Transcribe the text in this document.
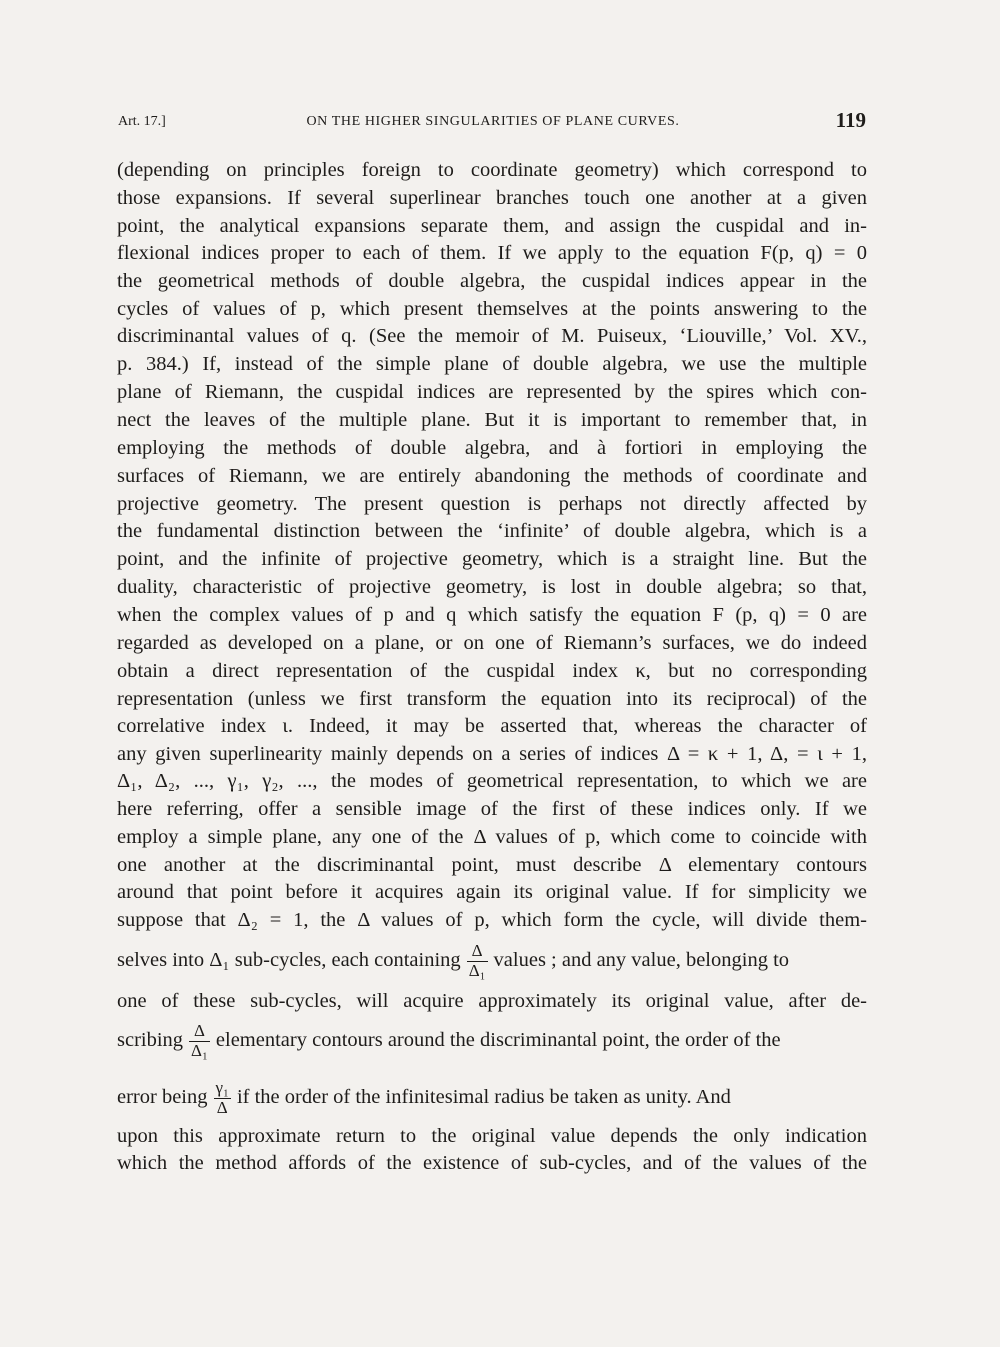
Art. 17.]	ON THE HIGHER SINGULARITIES OF PLANE CURVES.	119
(depending on principles foreign to coordinate geometry) which correspond to
those expansions. If several superlinear branches touch one another at a given
point, the analytical expansions separate them, and assign the cuspidal and in-
flexional indices proper to each of them. If we apply to the equation F(p, q) = 0
the geometrical methods of double algebra, the cuspidal indices appear in the
cycles of values of p, which present themselves at the points answering to the
discriminantal values of q. (See the memoir of M. Puiseux, ‘Liouville,’ Vol. XV.,
p. 384.) If, instead of the simple plane of double algebra, we use the multiple
plane of Riemann, the cuspidal indices are represented by the spires which con-
nect the leaves of the multiple plane. But it is important to remember that, in
employing the methods of double algebra, and à fortiori in employing the
surfaces of Riemann, we are entirely abandoning the methods of coordinate and
projective geometry. The present question is perhaps not directly affected by
the fundamental distinction between the ‘infinite’ of double algebra, which is a
point, and the infinite of projective geometry, which is a straight line. But the
duality, characteristic of projective geometry, is lost in double algebra; so that,
when the complex values of p and q which satisfy the equation F (p, q) = 0 are
regarded as developed on a plane, or on one of Riemann’s surfaces, we do indeed
obtain a direct representation of the cuspidal index κ, but no corresponding
representation (unless we first transform the equation into its reciprocal) of the
correlative index ι. Indeed, it may be asserted that, whereas the character of
any given superlinearity mainly depends on a series of indices Δ = κ + 1, Δ, = ι + 1,
Δ₁, Δ₂, ..., γ₁, γ₂, ..., the modes of geometrical representation, to which we are
here referring, offer a sensible image of the first of these indices only. If we
employ a simple plane, any one of the Δ values of p, which come to coincide with
one another at the discriminantal point, must describe Δ elementary contours
around that point before it acquires again its original value. If for simplicity we
suppose that Δ₂ = 1, the Δ values of p, which form the cycle, will divide them-
selves into Δ₁ sub-cycles, each containing $\frac{\Delta}{\text{Δ₁}}$ values ; and any value, belonging to
one of these sub-cycles, will acquire approximately its original value, after de-
scribing $\frac{\Delta}{\text{Δ₁}}$ elementary contours around the discriminantal point, the order of the
error being $\frac{\text{γ₁}}{\Delta}$ if the order of the infinitesimal radius be taken as unity. And
upon this approximate return to the original value depends the only indication
which the method affords of the existence of sub-cycles, and of the values of the
